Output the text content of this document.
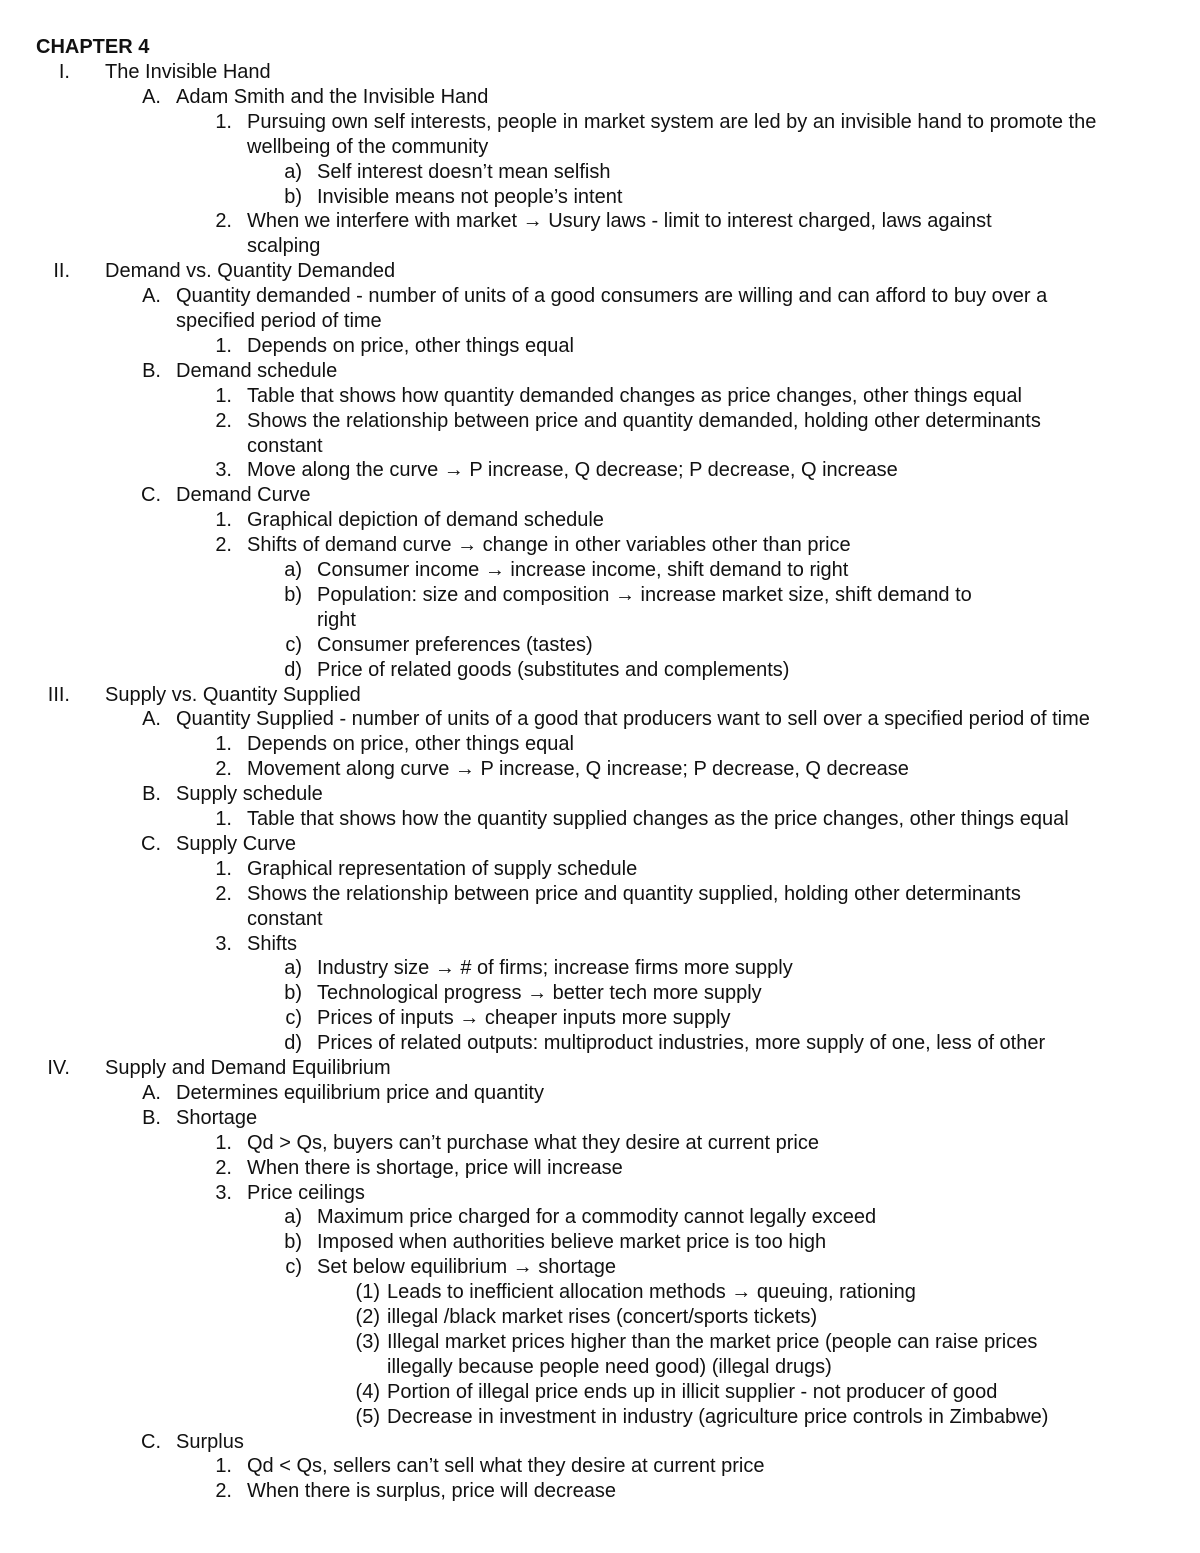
CHAPTER 4
I. The Invisible Hand
A. Adam Smith and the Invisible Hand
1. Pursuing own self interests, people in market system are led by an invisible hand to promote the
wellbeing of the community
a) Self interest doesn’t mean selfish
b) Invisible means not people’s intent
2. When we interfere with market → Usury laws - limit to interest charged, laws against
scalping
II. Demand vs. Quantity Demanded
A. Quantity demanded - number of units of a good consumers are willing and can afford to buy over a
specified period of time
1. Depends on price, other things equal
B. Demand schedule
1. Table that shows how quantity demanded changes as price changes, other things equal
2. Shows the relationship between price and quantity demanded, holding other determinants
constant
3. Move along the curve → P increase, Q decrease; P decrease, Q increase
C. Demand Curve
1. Graphical depiction of demand schedule
2. Shifts of demand curve → change in other variables other than price
a) Consumer income → increase income, shift demand to right
b) Population: size and composition → increase market size, shift demand to
right
c) Consumer preferences (tastes)
d) Price of related goods (substitutes and complements)
III. Supply vs. Quantity Supplied
A. Quantity Supplied - number of units of a good that producers want to sell over a specified period of time
1. Depends on price, other things equal
2. Movement along curve → P increase, Q increase; P decrease, Q decrease
B. Supply schedule
1. Table that shows how the quantity supplied changes as the price changes, other things equal
C. Supply Curve
1. Graphical representation of supply schedule
2. Shows the relationship between price and quantity supplied, holding other determinants
constant
3. Shifts
a) Industry size → # of firms; increase firms more supply
b) Technological progress → better tech more supply
c) Prices of inputs → cheaper inputs more supply
d) Prices of related outputs: multiproduct industries, more supply of one, less of other
IV. Supply and Demand Equilibrium
A. Determines equilibrium price and quantity
B. Shortage
1. Qd > Qs, buyers can’t purchase what they desire at current price
2. When there is shortage, price will increase
3. Price ceilings
a) Maximum price charged for a commodity cannot legally exceed
b) Imposed when authorities believe market price is too high
c) Set below equilibrium → shortage
(1) Leads to inefficient allocation methods → queuing, rationing
(2) illegal /black market rises (concert/sports tickets)
(3) Illegal market prices higher than the market price (people can raise prices
illegally because people need good) (illegal drugs)
(4) Portion of illegal price ends up in illicit supplier - not producer of good
(5) Decrease in investment in industry (agriculture price controls in Zimbabwe)
C. Surplus
1. Qd < Qs, sellers can’t sell what they desire at current price
2. When there is surplus, price will decrease
